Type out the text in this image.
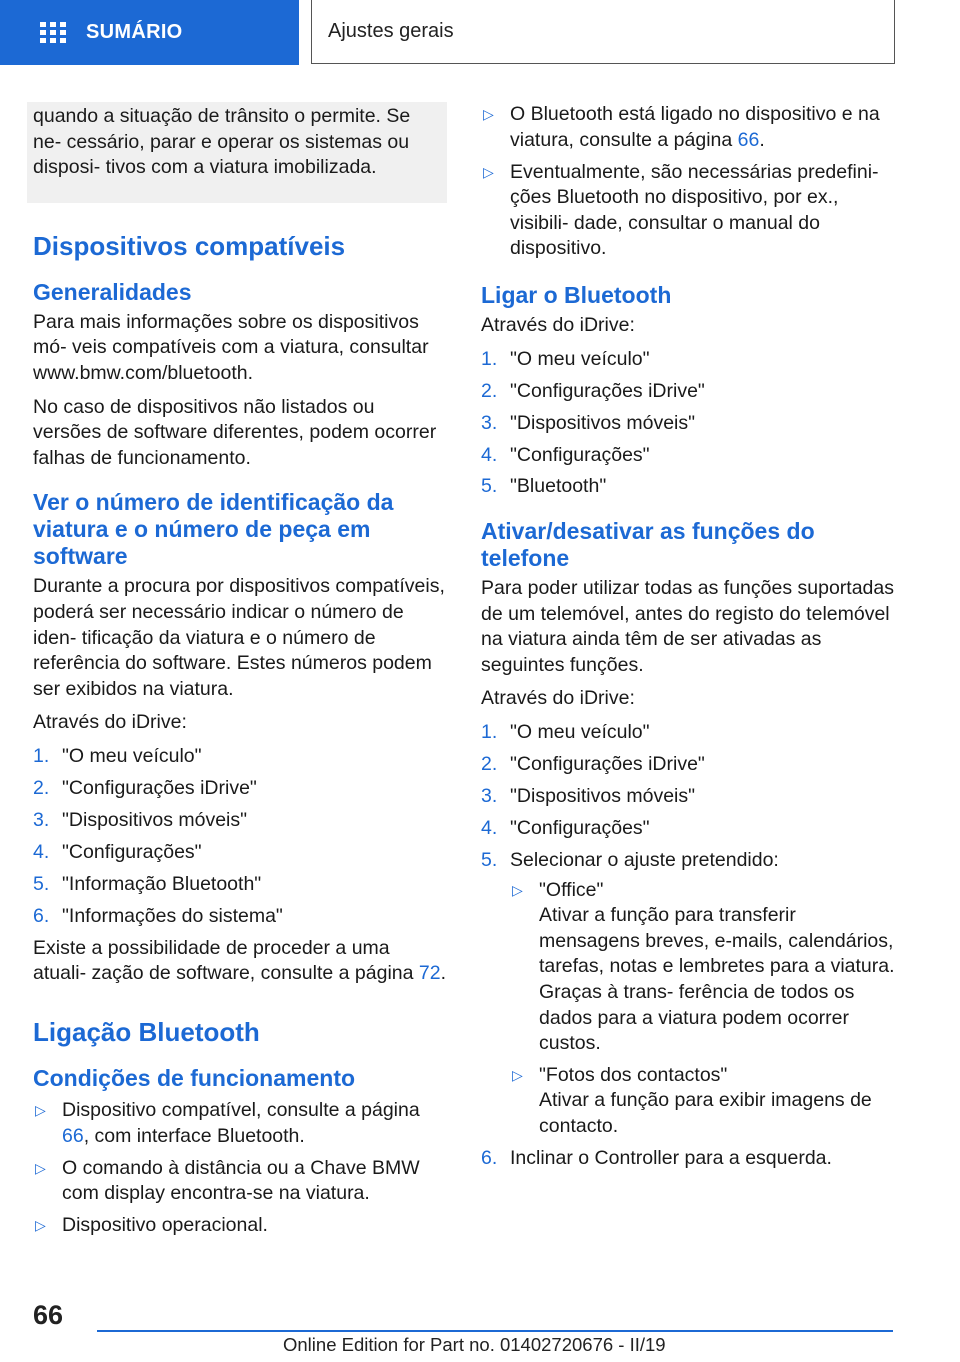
SUMÁRIO	Ajustes gerais

quando a situação de trânsito o permite. Se ne- cessário, parar e operar os sistemas ou disposi- tivos com a viatura imobilizada.

Dispositivos compatíveis
Generalidades

Para mais informações sobre os dispositivos mó- veis compatíveis com a viatura, consultar www.bmw.com/bluetooth.

No caso de dispositivos não listados ou versões de software diferentes, podem ocorrer falhas de funcionamento.

Ver o número de identificação da viatura e o número de peça em software

Durante a procura por dispositivos compatíveis, poderá ser necessário indicar o número de iden- tificação da viatura e o número de referência do software. Estes números podem ser exibidos na viatura.

Através do iDrive:

1. "O meu veículo"
2. "Configurações iDrive"
3. "Dispositivos móveis"
4. "Configurações"
5. "Informação Bluetooth"
6. "Informações do sistema"

Existe a possibilidade de proceder a uma atuali- zação de software, consulte a página 72.

Ligação Bluetooth
Condições de funcionamento
▷ Dispositivo compatível, consulte a página 66, com interface Bluetooth.
▷ O comando à distância ou a Chave BMW com display encontra-se na viatura.
▷ Dispositivo operacional.
▷ O Bluetooth está ligado no dispositivo e na viatura, consulte a página 66.
▷ Eventualmente, são necessárias predefini- ções Bluetooth no dispositivo, por ex., visibili- dade, consultar o manual do dispositivo.
Ligar o Bluetooth

Através do iDrive:

1. "O meu veículo"
2. "Configurações iDrive"
3. "Dispositivos móveis"
4. "Configurações"
5. "Bluetooth"
Ativar/desativar as funções do telefone

Para poder utilizar todas as funções suportadas de um telemóvel, antes do registo do telemóvel na viatura ainda têm de ser ativadas as seguintes funções.

Através do iDrive:

1. "O meu veículo"
2. "Configurações iDrive"
3. "Dispositivos móveis"
4. "Configurações"
5. Selecionar o ajuste pretendido:
▷ "Office"
Ativar a função para transferir mensagens breves, e-mails, calendários, tarefas, notas e lembretes para a viatura. Graças à trans- ferência de todos os dados para a viatura podem ocorrer custos.
▷ "Fotos dos contactos"
Ativar a função para exibir imagens de contacto.
6. Inclinar o Controller para a esquerda.
66
Online Edition for Part no. 01402720676 - II/19
